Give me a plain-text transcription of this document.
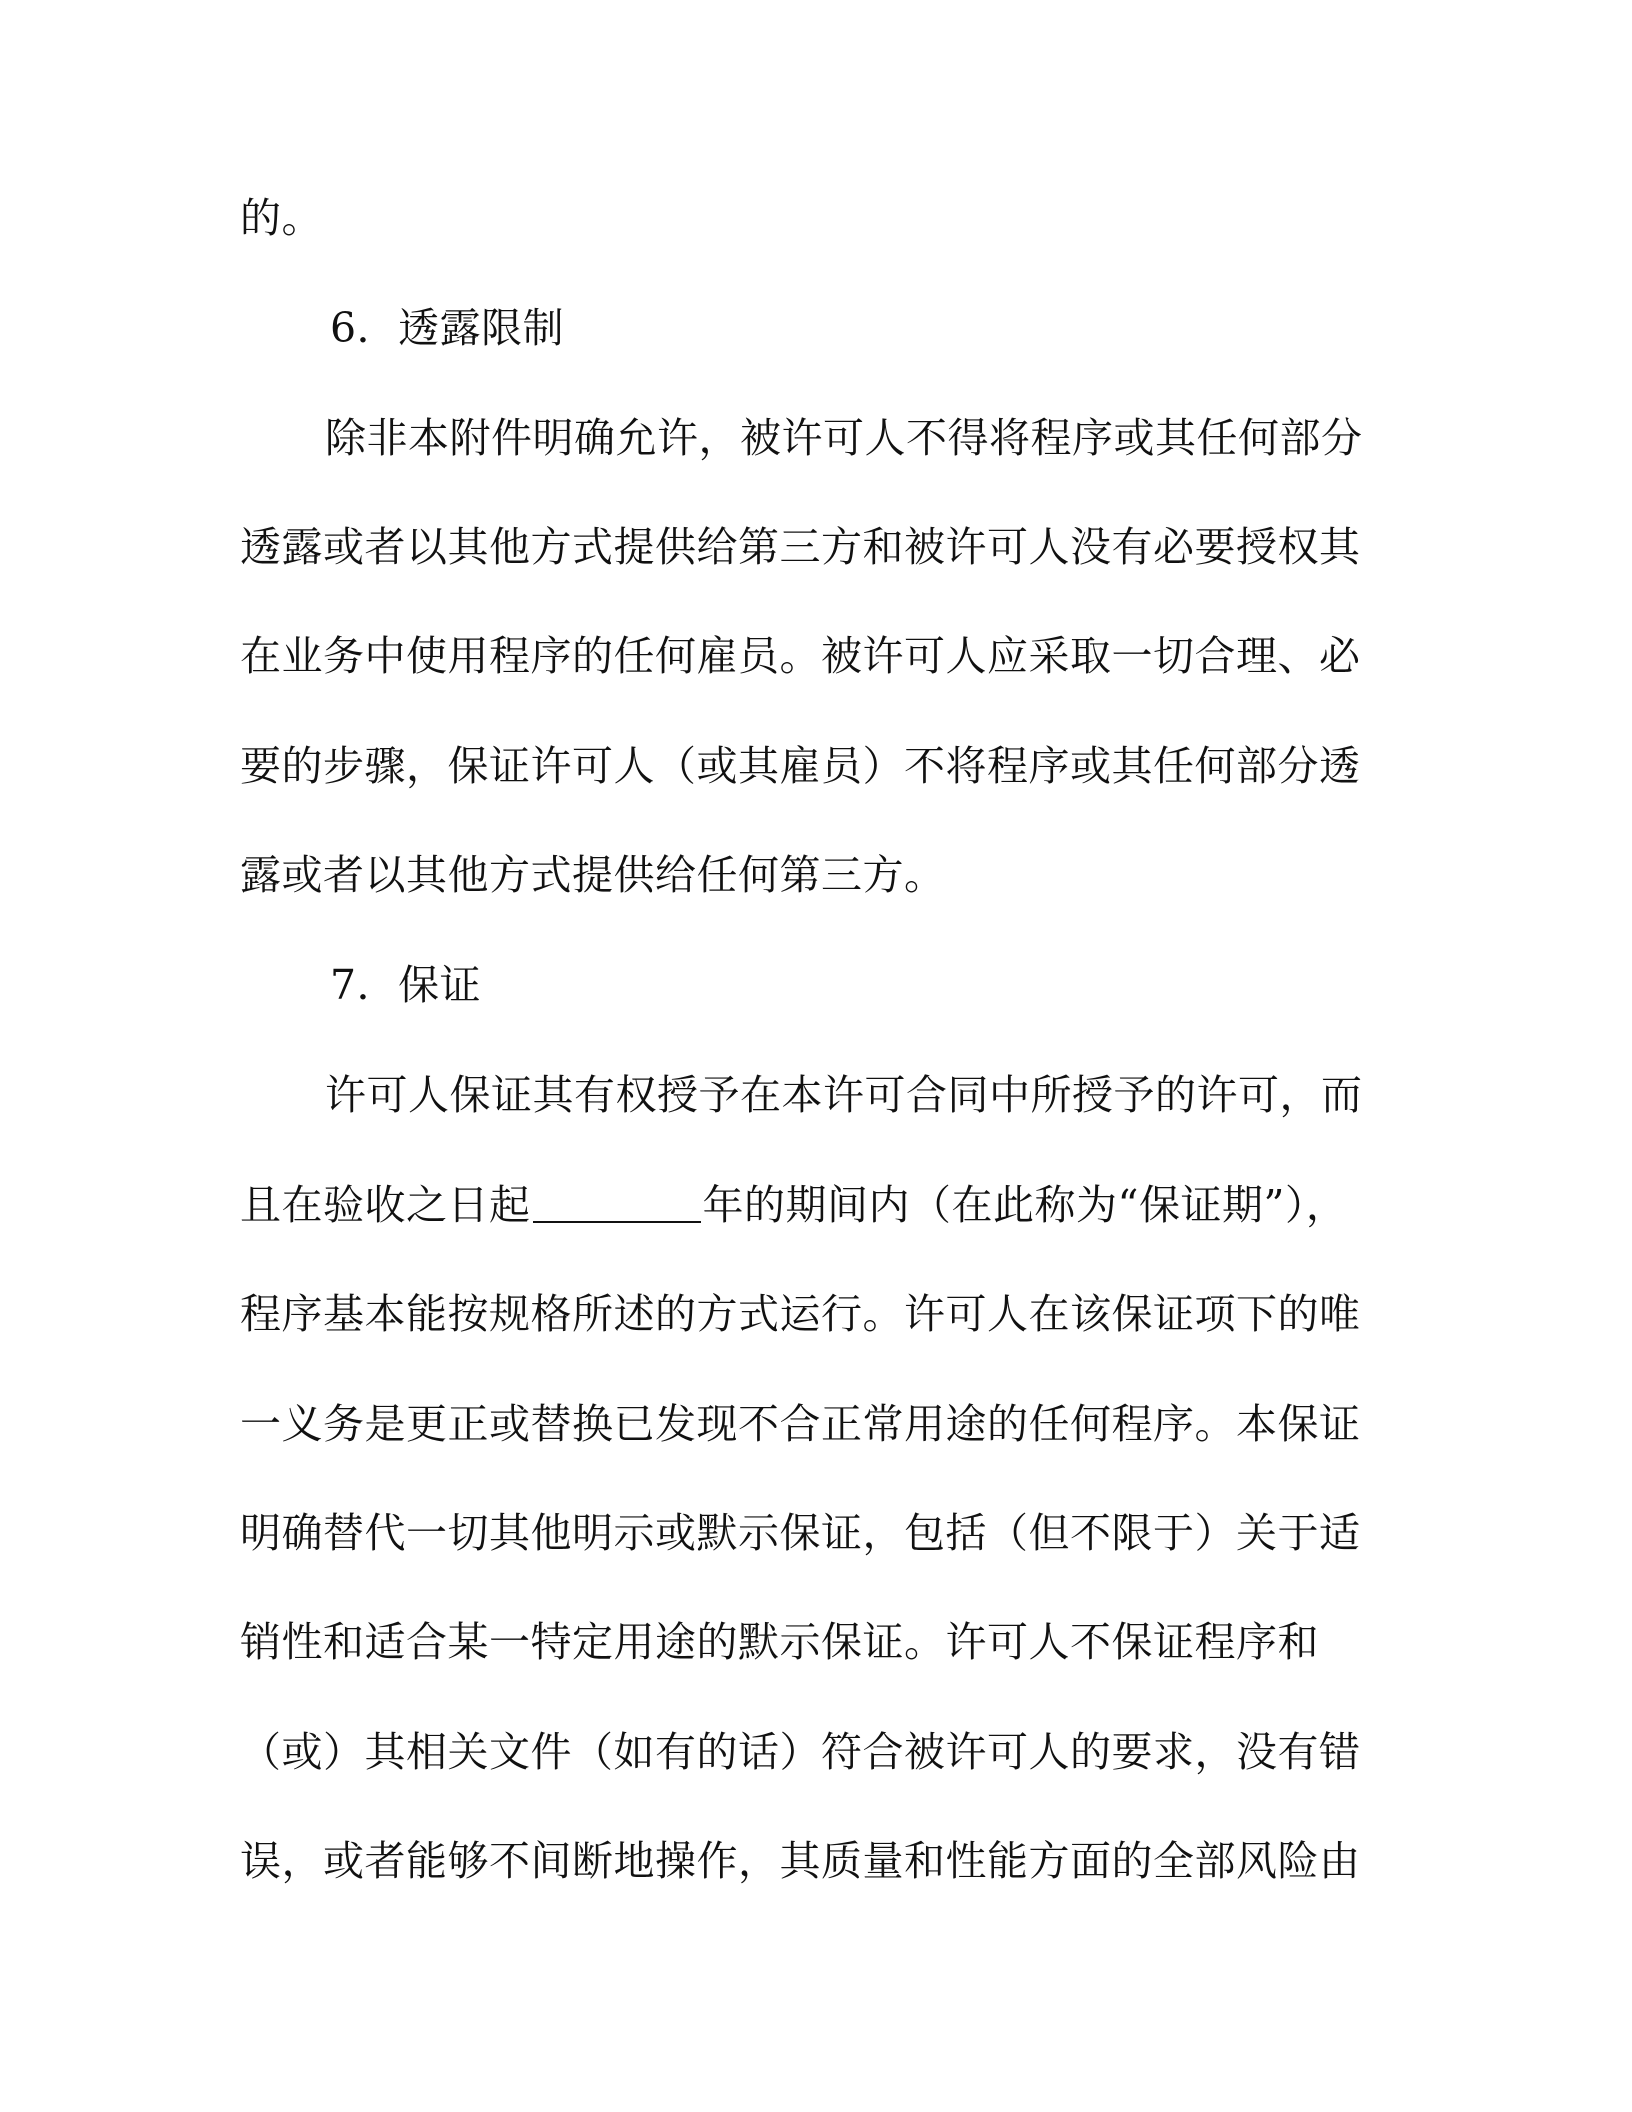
的。
6．透露限制
除非本附件明确允许，被许可人不得将程序或其任何部分
透露或者以其他方式提供给第三方和被许可人没有必要授权其
在业务中使用程序的任何雇员。被许可人应采取一切合理、必
要的步骤，保证许可人（或其雇员）不将程序或其任何部分透
露或者以其他方式提供给任何第三方。
7．保证
许可人保证其有权授予在本许可合同中所授予的许可，而
且在验收之日起	年的期间内（在此称为“保证期”），
程序基本能按规格所述的方式运行。许可人在该保证项下的唯
一义务是更正或替换已发现不合正常用途的任何程序。本保证
明确替代一切其他明示或默示保证，包括（但不限于）关于适
销性和适合某一特定用途的默示保证。许可人不保证程序和
（或）其相关文件（如有的话）符合被许可人的要求，没有错
误，或者能够不间断地操作，其质量和性能方面的全部风险由
